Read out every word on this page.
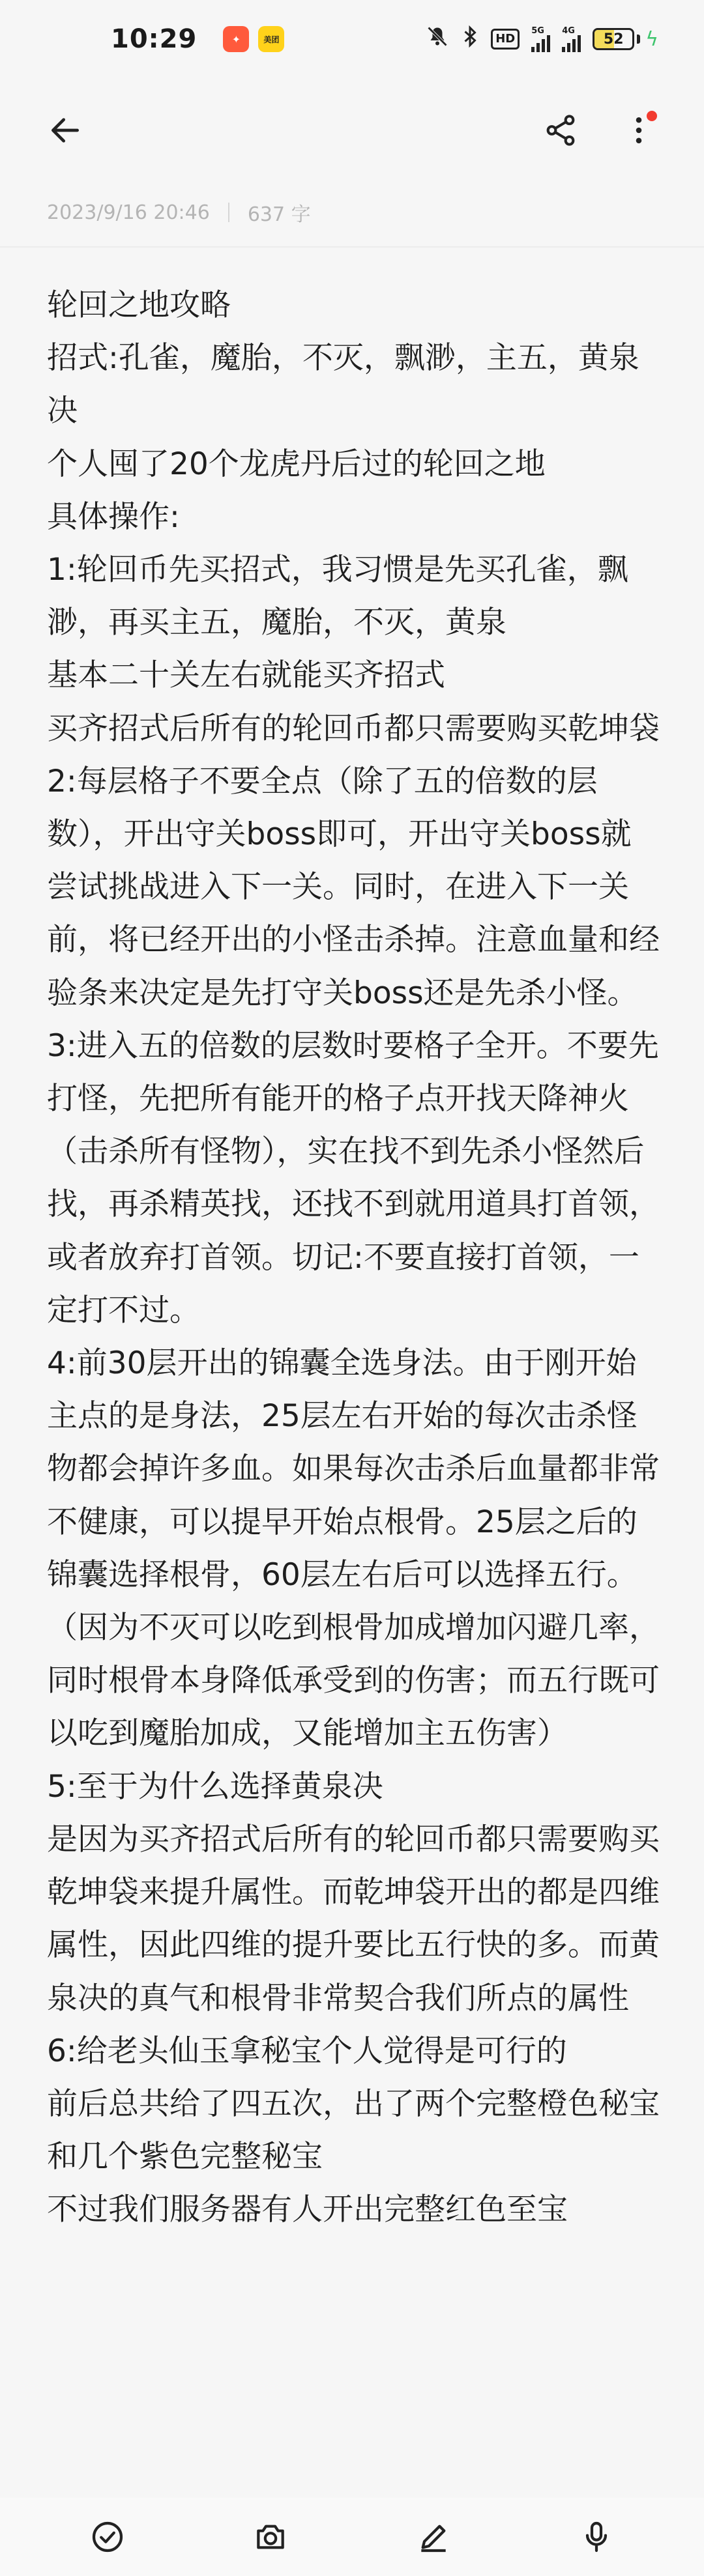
10:29	✦	美团	HD
5G 4G
52 ϟ
2023/9/16 20:46 637 字

轮回之地攻略

招式:孔雀，魔胎，不灭，飘渺，主五，黄泉决

个人囤了20个龙虎丹后过的轮回之地

具体操作:

1:轮回币先买招式，我习惯是先买孔雀，飘渺，再买主五，魔胎，不灭，黄泉

基本二十关左右就能买齐招式

买齐招式后所有的轮回币都只需要购买乾坤袋

2:每层格子不要全点（除了五的倍数的层数），开出守关boss即可，开出守关boss就尝试挑战进入下一关。同时，在进入下一关前，将已经开出的小怪击杀掉。注意血量和经验条来决定是先打守关boss还是先杀小怪。

3:进入五的倍数的层数时要格子全开。不要先打怪，先把所有能开的格子点开找天降神火（击杀所有怪物），实在找不到先杀小怪然后找，再杀精英找，还找不到就用道具打首领，或者放弃打首领。切记:不要直接打首领，一定打不过。

4:前30层开出的锦囊全选身法。由于刚开始主点的是身法，25层左右开始的每次击杀怪物都会掉许多血。如果每次击杀后血量都非常不健康，可以提早开始点根骨。25层之后的锦囊选择根骨，60层左右后可以选择五行。（因为不灭可以吃到根骨加成增加闪避几率，同时根骨本身降低承受到的伤害；而五行既可以吃到魔胎加成，又能增加主五伤害）

5:至于为什么选择黄泉决

是因为买齐招式后所有的轮回币都只需要购买乾坤袋来提升属性。而乾坤袋开出的都是四维属性，因此四维的提升要比五行快的多。而黄泉决的真气和根骨非常契合我们所点的属性

6:给老头仙玉拿秘宝个人觉得是可行的

前后总共给了四五次，出了两个完整橙色秘宝和几个紫色完整秘宝

不过我们服务器有人开出完整红色至宝
